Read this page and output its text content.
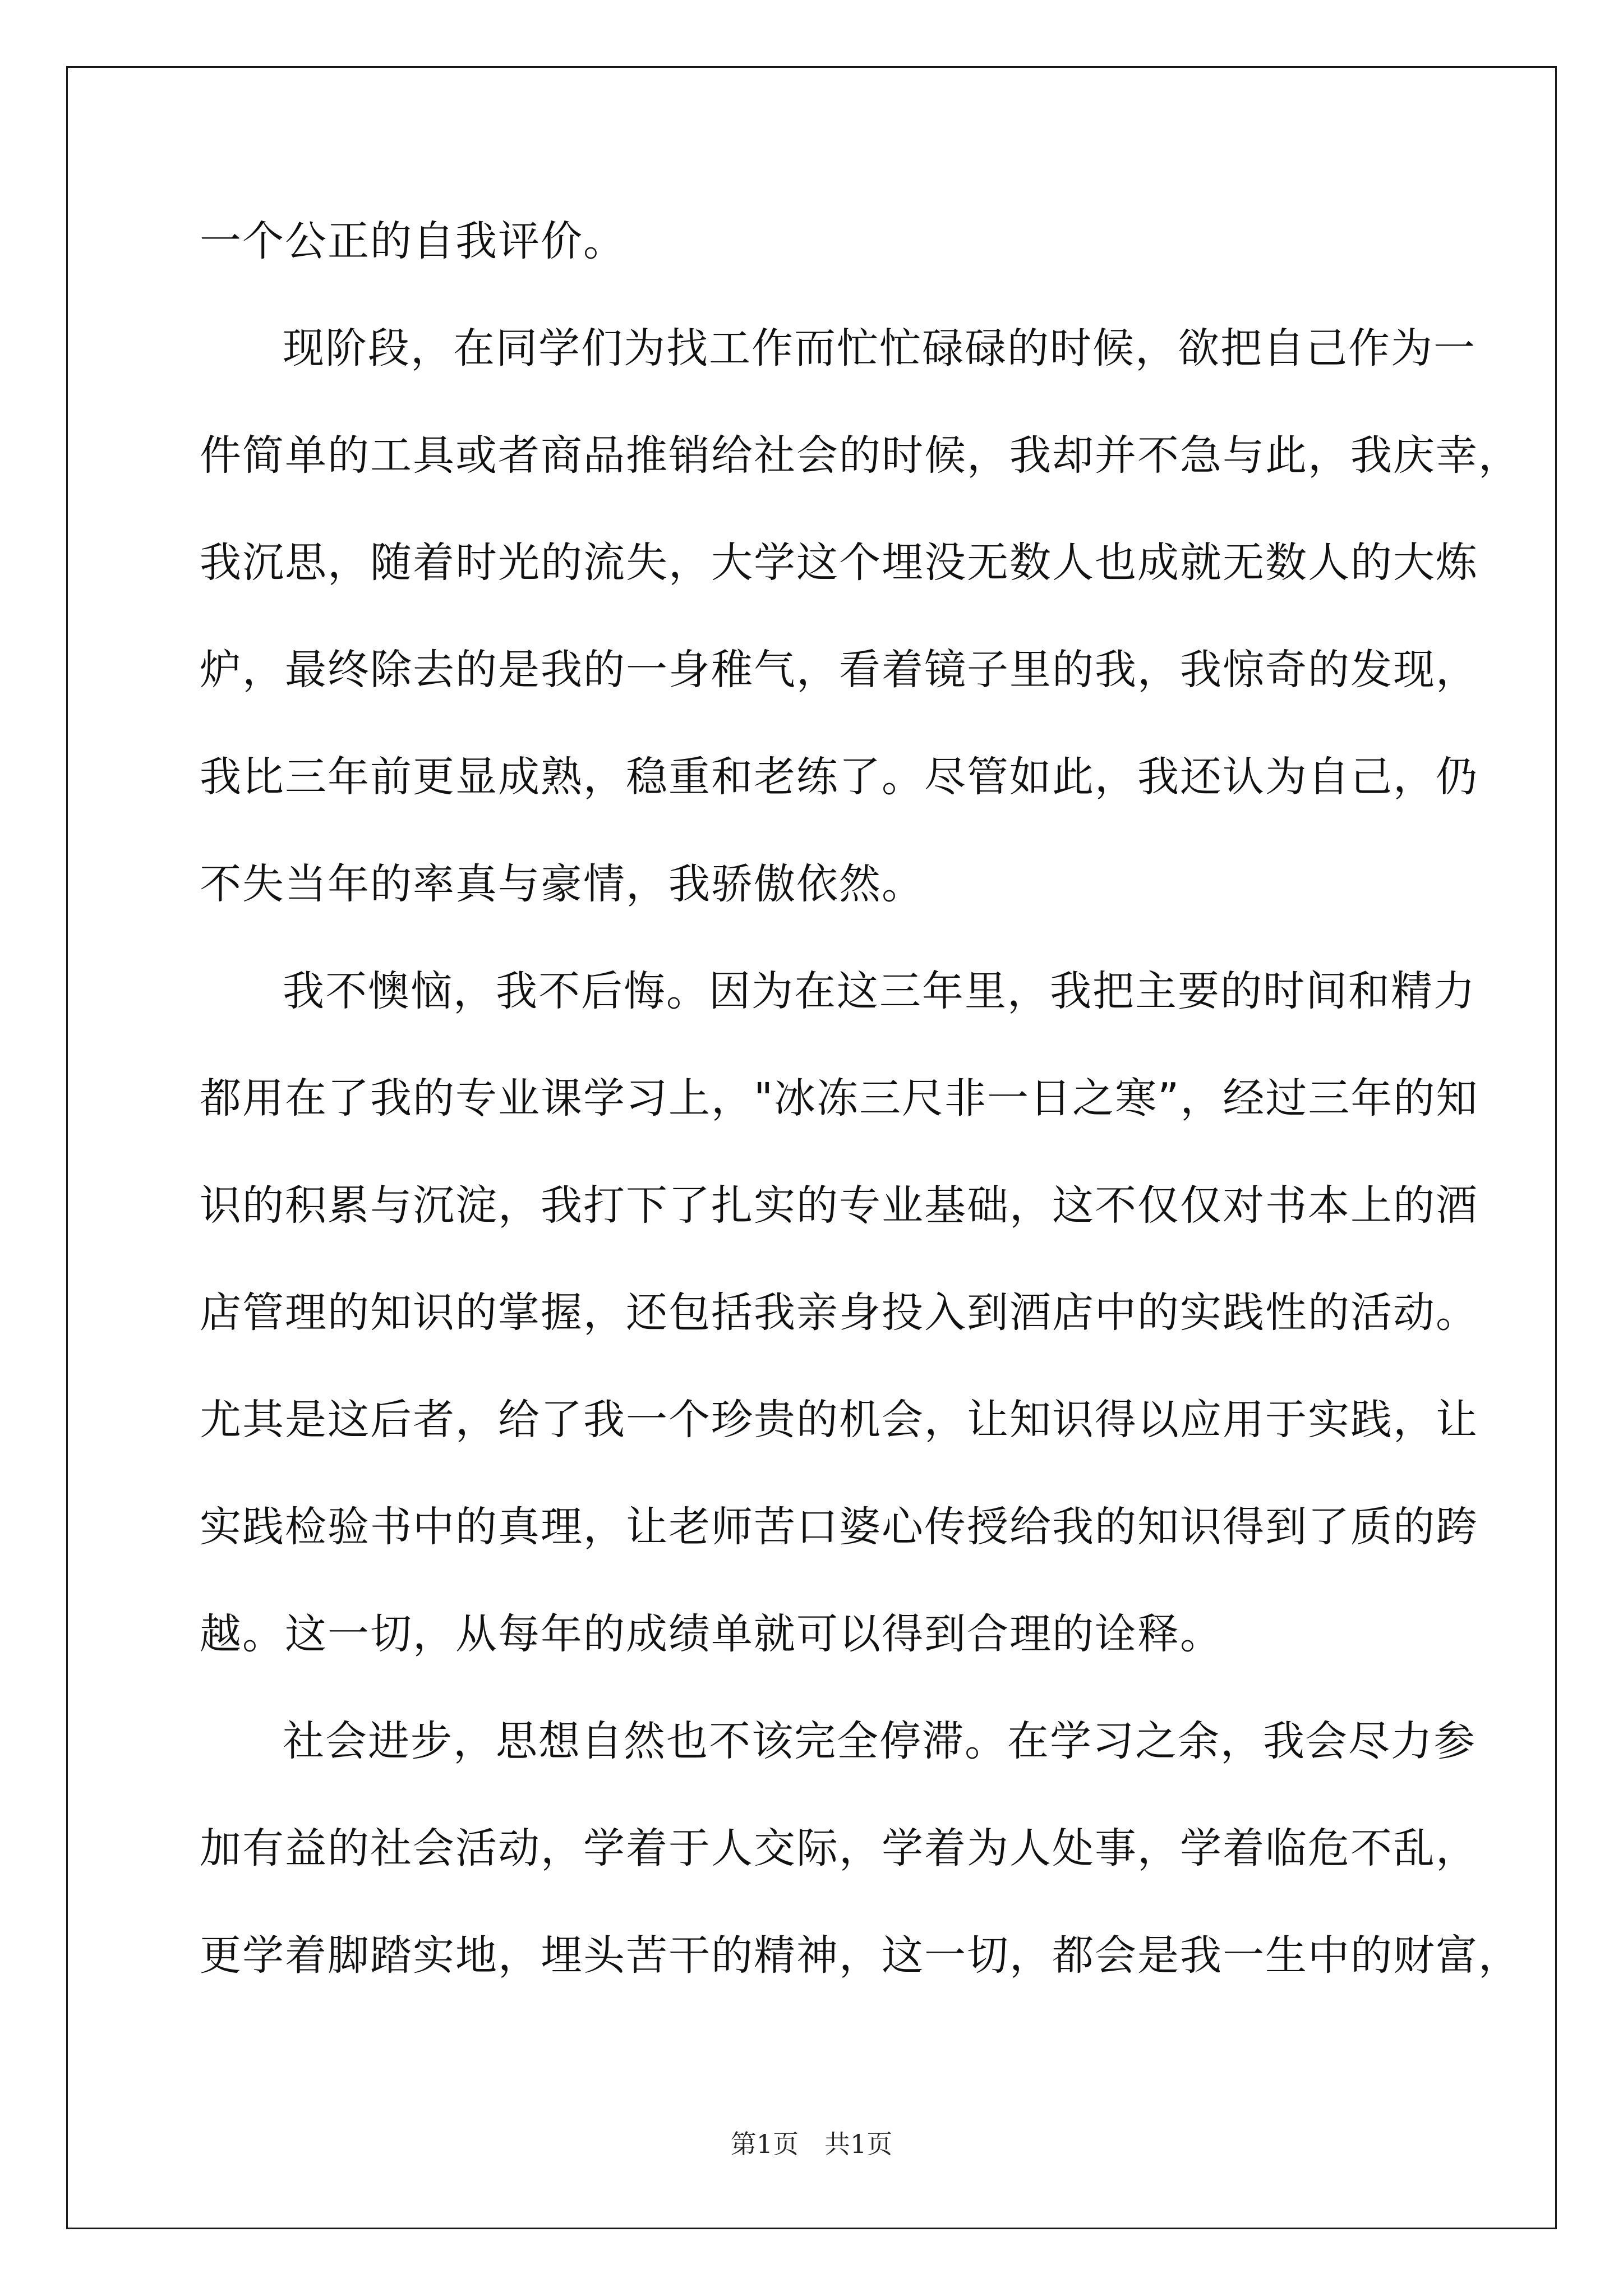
一个公正的自我评价。
现阶段，在同学们为找工作而忙忙碌碌的时候，欲把自己作为一
件简单的工具或者商品推销给社会的时候，我却并不急与此，我庆幸，
我沉思，随着时光的流失，大学这个埋没无数人也成就无数人的大炼
炉，最终除去的是我的一身稚气，看着镜子里的我，我惊奇的发现，
我比三年前更显成熟，稳重和老练了。尽管如此，我还认为自己，仍
不失当年的率真与豪情，我骄傲依然。
我不懊恼，我不后悔。因为在这三年里，我把主要的时间和精力
都用在了我的专业课学习上，"冰冻三尺非一日之寒”，经过三年的知
识的积累与沉淀，我打下了扎实的专业基础，这不仅仅对书本上的酒
店管理的知识的掌握，还包括我亲身投入到酒店中的实践性的活动。
尤其是这后者，给了我一个珍贵的机会，让知识得以应用于实践，让
实践检验书中的真理，让老师苦口婆心传授给我的知识得到了质的跨
越。这一切，从每年的成绩单就可以得到合理的诠释。
社会进步，思想自然也不该完全停滞。在学习之余，我会尽力参
加有益的社会活动，学着于人交际，学着为人处事，学着临危不乱，
更学着脚踏实地，埋头苦干的精神，这一切，都会是我一生中的财富，
第1页　共1页
